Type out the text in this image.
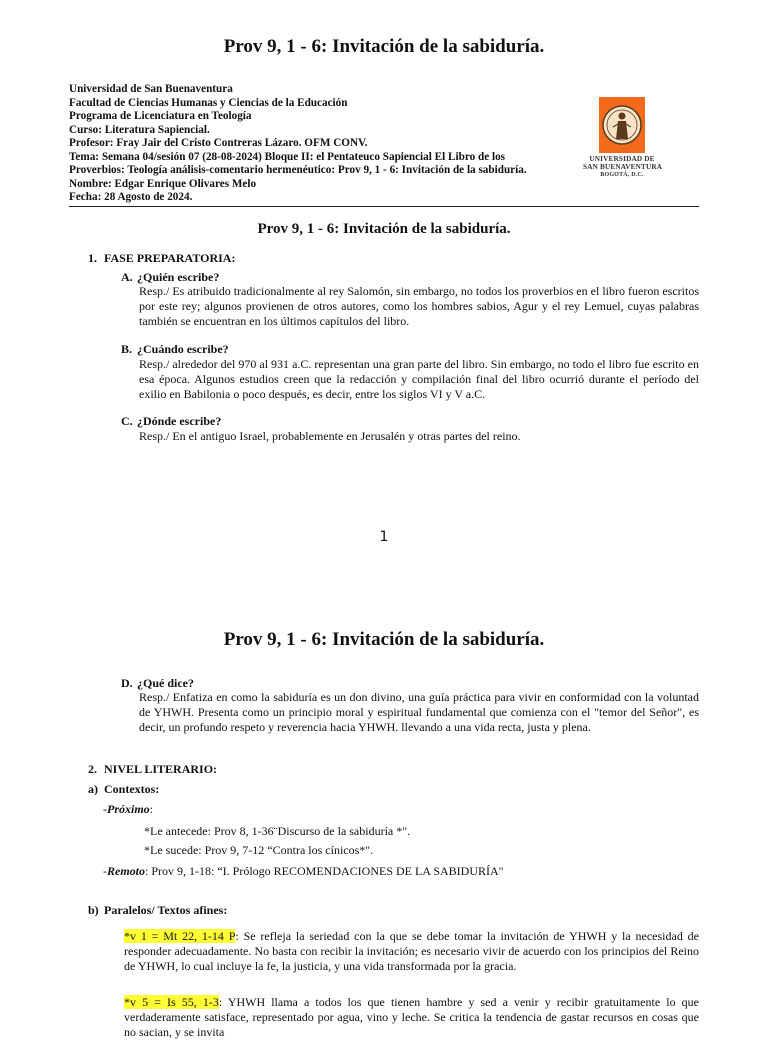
Prov 9, 1 - 6: Invitación de la sabiduría.
Universidad de San Buenaventura
Facultad de Ciencias Humanas y Ciencias de la Educación
Programa de Licenciatura en Teología
Curso: Literatura Sapiencial.
Profesor: Fray Jair del Cristo Contreras Lázaro. OFM CONV.
Tema: Semana 04/sesión 07 (28-08-2024) Bloque II: el Pentateuco Sapiencial El Libro de los
Proverbios: Teología análisis-comentario hermenéutico: Prov 9, 1 - 6: Invitación de la sabiduría.
Nombre: Edgar Enrique Olivares Melo
Fecha: 28 Agosto de 2024.
UNIVERSIDAD DE
SAN BUENAVENTURA
BOGOTÁ, D.C.
Prov 9, 1 - 6: Invitación de la sabiduría.
1. FASE PREPARATORIA:
A. ¿Quién escribe?
Resp./ Es atribuido tradicionalmente al rey Salomón, sin embargo, no todos los proverbios en el libro fueron escritos por este rey; algunos provienen de otros autores, como los hombres sabios, Agur y el rey Lemuel, cuyas palabras también se encuentran en los últimos capítulos del libro.
B. ¿Cuándo escribe?
Resp./ alrededor del 970 al 931 a.C. representan una gran parte del libro. Sin embargo, no todo el libro fue escrito en esa época. Algunos estudios creen que la redacción y compilación final del libro ocurrió durante el período del exilio en Babilonia o poco después, es decir, entre los siglos VI y V a.C.
C. ¿Dónde escribe?
Resp./ En el antiguo Israel, probablemente en Jerusalén y otras partes del reino.
1
Prov 9, 1 - 6: Invitación de la sabiduría.
D. ¿Qué dice?
Resp./ Enfatiza en como la sabiduría es un don divino, una guía práctica para vivir en conformidad con la voluntad de YHWH. Presenta como un principio moral y espiritual fundamental que comienza con el "temor del Señor", es decir, un profundo respeto y reverencia hacia YHWH. llevando a una vida recta, justa y plena.
2. NIVEL LITERARIO:
a) Contextos:
-Próximo:
*Le antecede: Prov 8, 1-36¨Discurso de la sabiduría *".
*Le sucede: Prov 9, 7-12 “Contra los cínicos*".
-Remoto: Prov 9, 1-18: “I. Prólogo RECOMENDACIONES DE LA SABIDURÍA"
b) Paralelos/ Textos afines:
*v 1 = Mt 22, 1-14 P: Se refleja la seriedad con la que se debe tomar la invitación de YHWH y la necesidad de responder adecuadamente. No basta con recibir la invitación; es necesario vivir de acuerdo con los principios del Reino de YHWH, lo cual incluye la fe, la justicia, y una vida transformada por la gracia.
*v 5 = Is 55, 1-3: YHWH llama a todos los que tienen hambre y sed a venir y recibir gratuitamente lo que verdaderamente satisface, representado por agua, vino y leche. Se critica la tendencia de gastar recursos en cosas que no sacian, y se invita
